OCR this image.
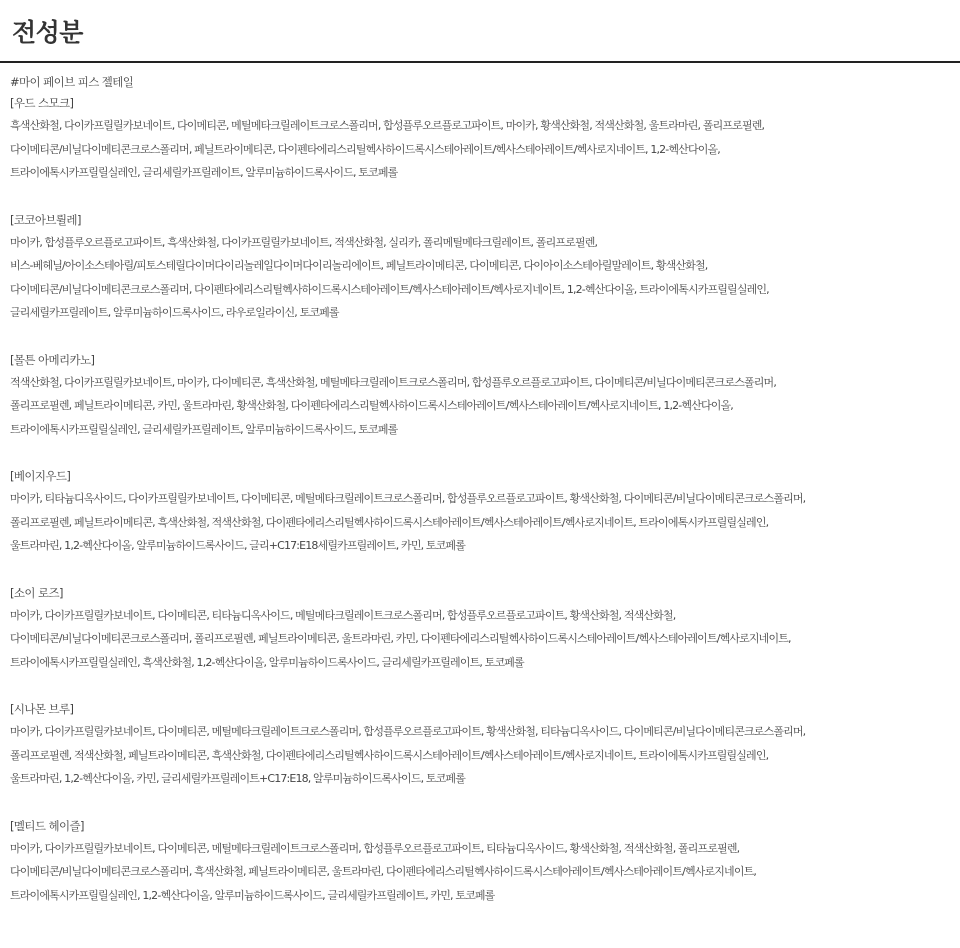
전성분
#마이 페이브 피스 젤테일
[우드 스모크]
흑색산화철, 다이카프릴릴카보네이트, 다이메티콘, 메틸메타크릴레이트크로스폴리머, 합성플루오르플로고파이트, 마이카, 황색산화철, 적색산화철, 울트라마린, 폴리프로필렌,
다이메티콘/비닐다이메티콘크로스폴리머, 페닐트라이메티콘, 다이펜타에리스리틸헥사하이드록시스테아레이트/헥사스테아레이트/헥사로지네이트, 1,2-헥산다이올,
트라이에톡시카프릴릴실레인, 글리세릴카프릴레이트, 알루미늄하이드록사이드, 토코페롤
[코코아브륄레]
마이카, 합성플루오르플로고파이트, 흑색산화철, 다이카프릴릴카보네이트, 적색산화철, 실리카, 폴리메틸메타크릴레이트, 폴리프로필렌,
비스-베헤닐/아이소스테아릴/피토스테릴다이머다이리놀레일다이머다이리놀리에이트, 페닐트라이메티콘, 다이메티콘, 다이아이소스테아릴말레이트, 황색산화철,
다이메티콘/비닐다이메티콘크로스폴리머, 다이펜타에리스리틸헥사하이드록시스테아레이트/헥사스테아레이트/헥사로지네이트, 1,2-헥산다이올, 트라이에톡시카프릴릴실레인,
글리세릴카프릴레이트, 알루미늄하이드록사이드, 라우로일라이신, 토코페롤
[몰튼 아메리카노]
적색산화철, 다이카프릴릴카보네이트, 마이카, 다이메티콘, 흑색산화철, 메틸메타크릴레이트크로스폴리머, 합성플루오르플로고파이트, 다이메티콘/비닐다이메티콘크로스폴리머,
폴리프로필렌, 페닐트라이메티콘, 카민, 울트라마린, 황색산화철, 다이펜타에리스리틸헥사하이드록시스테아레이트/헥사스테아레이트/헥사로지네이트, 1,2-헥산다이올,
트라이에톡시카프릴릴실레인, 글리세릴카프릴레이트, 알루미늄하이드록사이드, 토코페롤
[베이지우드]
마이카, 티타늄디옥사이드, 다이카프릴릴카보네이트, 다이메티콘, 메틸메타크릴레이트크로스폴리머, 합성플루오르플로고파이트, 황색산화철, 다이메티콘/비닐다이메티콘크로스폴리머,
폴리프로필렌, 페닐트라이메티콘, 흑색산화철, 적색산화철, 다이펜타에리스리틸헥사하이드록시스테아레이트/헥사스테아레이트/헥사로지네이트, 트라이에톡시카프릴릴실레인,
울트라마린, 1,2-헥산다이올, 알루미늄하이드록사이드, 글리+C17:E18세릴카프릴레이트, 카민, 토코페롤
[소이 로즈]
마이카, 다이카프릴릴카보네이트, 다이메티콘, 티타늄디옥사이드, 메틸메타크릴레이트크로스폴리머, 합성플루오르플로고파이트, 황색산화철, 적색산화철,
다이메티콘/비닐다이메티콘크로스폴리머, 폴리프로필렌, 페닐트라이메티콘, 울트라마린, 카민, 다이펜타에리스리틸헥사하이드록시스테아레이트/헥사스테아레이트/헥사로지네이트,
트라이에톡시카프릴릴실레인, 흑색산화철, 1,2-헥산다이올, 알루미늄하이드록사이드, 글리세릴카프릴레이트, 토코페롤
[시나몬 브루]
마이카, 다이카프릴릴카보네이트, 다이메티콘, 메틸메타크릴레이트크로스폴리머, 합성플루오르플로고파이트, 황색산화철, 티타늄디옥사이드, 다이메티콘/비닐다이메티콘크로스폴리머,
폴리프로필렌, 적색산화철, 페닐트라이메티콘, 흑색산화철, 다이펜타에리스리틸헥사하이드록시스테아레이트/헥사스테아레이트/헥사로지네이트, 트라이에톡시카프릴릴실레인,
울트라마린, 1,2-헥산다이올, 카민, 글리세릴카프릴레이트+C17:E18, 알루미늄하이드록사이드, 토코페롤
[멜티드 헤이즐]
마이카, 다이카프릴릴카보네이트, 다이메티콘, 메틸메타크릴레이트크로스폴리머, 합성플루오르플로고파이트, 티타늄디옥사이드, 황색산화철, 적색산화철, 폴리프로필렌,
다이메티콘/비닐다이메티콘크로스폴리머, 흑색산화철, 페닐트라이메티콘, 울트라마린, 다이펜타에리스리틸헥사하이드록시스테아레이트/헥사스테아레이트/헥사로지네이트,
트라이에톡시카프릴릴실레인, 1,2-헥산다이올, 알루미늄하이드록사이드, 글리세릴카프릴레이트, 카민, 토코페롤
